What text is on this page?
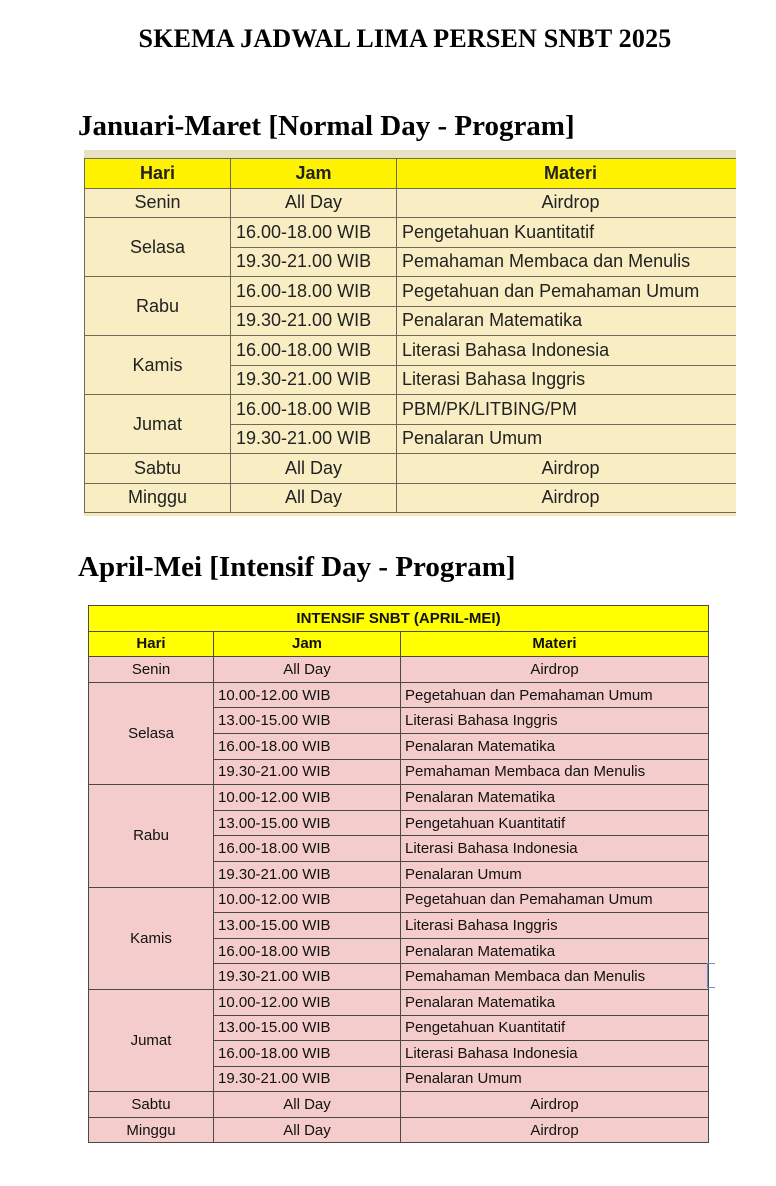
SKEMA JADWAL LIMA PERSEN SNBT 2025
Januari-Maret [Normal Day - Program]
Hari	Jam	Materi
Senin	All Day	Airdrop
Selasa	16.00-18.00 WIB	Pengetahuan Kuantitatif
	19.30-21.00 WIB	Pemahaman Membaca dan Menulis
Rabu	16.00-18.00 WIB	Pegetahuan dan Pemahaman Umum
	19.30-21.00 WIB	Penalaran Matematika
Kamis	16.00-18.00 WIB	Literasi Bahasa Indonesia
	19.30-21.00 WIB	Literasi Bahasa Inggris
Jumat	16.00-18.00 WIB	PBM/PK/LITBING/PM
	19.30-21.00 WIB	Penalaran Umum
Sabtu	All Day	Airdrop
Minggu	All Day	Airdrop
April-Mei [Intensif Day - Program]
INTENSIF SNBT (APRIL-MEI)		
Hari	Jam	Materi
Senin	All Day	Airdrop
Selasa	10.00-12.00 WIB	Pegetahuan dan Pemahaman Umum
	13.00-15.00 WIB	Literasi Bahasa Inggris
	16.00-18.00 WIB	Penalaran Matematika
	19.30-21.00 WIB	Pemahaman Membaca dan Menulis
Rabu	10.00-12.00 WIB	Penalaran Matematika
	13.00-15.00 WIB	Pengetahuan Kuantitatif
	16.00-18.00 WIB	Literasi Bahasa Indonesia
	19.30-21.00 WIB	Penalaran Umum
Kamis	10.00-12.00 WIB	Pegetahuan dan Pemahaman Umum
	13.00-15.00 WIB	Literasi Bahasa Inggris
	16.00-18.00 WIB	Penalaran Matematika
	19.30-21.00 WIB	Pemahaman Membaca dan Menulis
Jumat	10.00-12.00 WIB	Penalaran Matematika
	13.00-15.00 WIB	Pengetahuan Kuantitatif
	16.00-18.00 WIB	Literasi Bahasa Indonesia
	19.30-21.00 WIB	Penalaran Umum
Sabtu	All Day	Airdrop
Minggu	All Day	Airdrop
